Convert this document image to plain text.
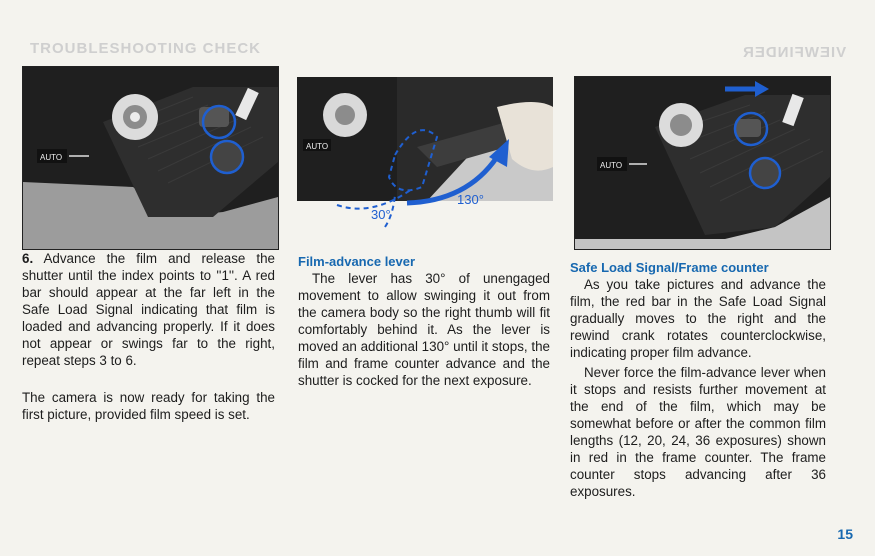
TROUBLESHOOTING CHECK	VIEWFINDER
AUTO
AUTO
30°
130°
AUTO

6. Advance the film and release the shutter until the index points to ''1''. A red bar should appear at the far left in the Safe Load Signal indicating that film is loaded and advancing properly. If it does not appear or swings far to the right, repeat steps 3 to 6.

The camera is now ready for taking the first picture, provided film speed is set.

Film-advance lever

The lever has 30° of unengaged movement to allow swinging it out from the camera body so the right thumb will fit comfortably behind it. As the lever is moved an additional 130° until it stops, the film and frame counter advance and the shutter is cocked for the next exposure.

Safe Load Signal/Frame counter

As you take pictures and advance the film, the red bar in the Safe Load Signal gradually moves to the right and the rewind crank rotates counterclockwise, indicating proper film advance.

Never force the film-advance lever when it stops and resists further movement at the end of the film, which may be somewhat before or after the common film lengths (12, 20, 24, 36 exposures) shown in red in the frame counter. The frame counter stops advancing after 36 exposures.

15
